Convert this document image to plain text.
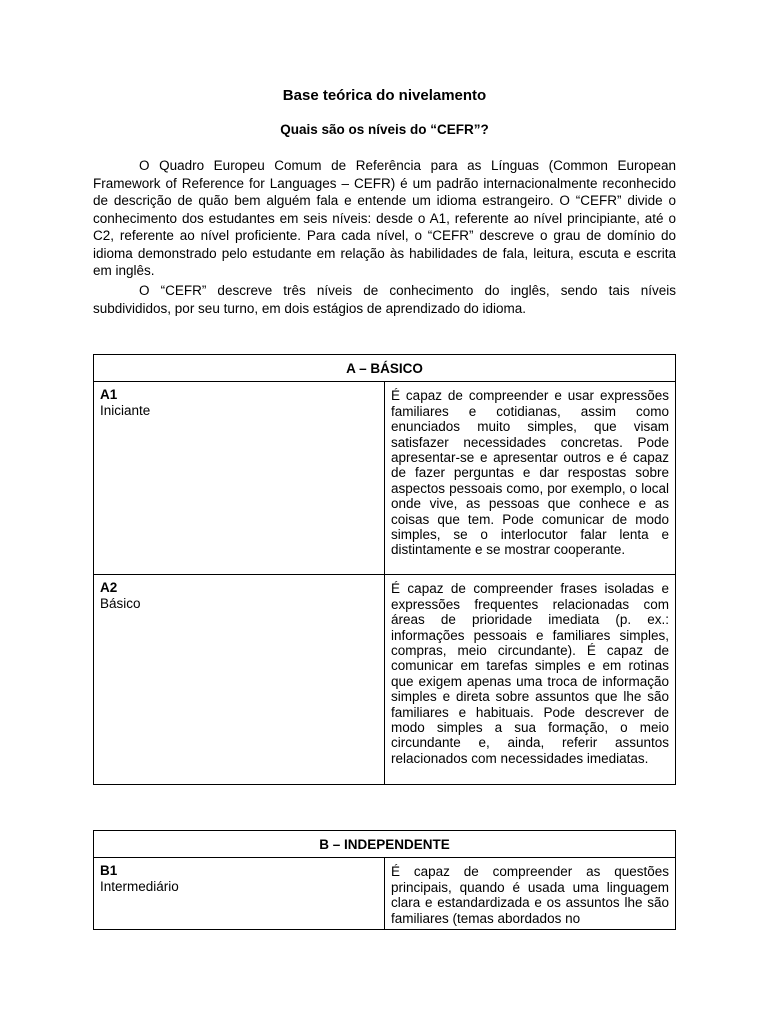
Base teórica do nivelamento
Quais são os níveis do “CEFR”?

O Quadro Europeu Comum de Referência para as Línguas (Common European Framework of Reference for Languages – CEFR) é um padrão internacionalmente reconhecido de descrição de quão bem alguém fala e entende um idioma estrangeiro. O “CEFR” divide o conhecimento dos estudantes em seis níveis: desde o A1, referente ao nível principiante, até o C2, referente ao nível proficiente. Para cada nível, o “CEFR” descreve o grau de domínio do idioma demonstrado pelo estudante em relação às habilidades de fala, leitura, escuta e escrita em inglês.

O “CEFR” descreve três níveis de conhecimento do inglês, sendo tais níveis subdivididos, por seu turno, em dois estágios de aprendizado do idioma.

A – BÁSICO	

A1
Iniciante	É capaz de compreender e usar expressões familiares e cotidianas, assim como enunciados muito simples, que visam satisfazer necessidades concretas. Pode apresentar-se e apresentar outros e é capaz de fazer perguntas e dar respostas sobre aspectos pessoais como, por exemplo, o local onde vive, as pessoas que conhece e as coisas que tem. Pode comunicar de modo simples, se o interlocutor falar lenta e distintamente e se mostrar cooperante.

A2
Básico	É capaz de compreender frases isoladas e expressões frequentes relacionadas com áreas de prioridade imediata (p. ex.: informações pessoais e familiares simples, compras, meio circundante). É capaz de comunicar em tarefas simples e em rotinas que exigem apenas uma troca de informação simples e direta sobre assuntos que lhe são familiares e habituais. Pode descrever de modo simples a sua formação, o meio circundante e, ainda, referir assuntos relacionados com necessidades imediatas.
B – INDEPENDENTE

B1
Intermediário
	É capaz de compreender as questões principais, quando é usada uma linguagem clara e estandardizada e os assuntos lhe são familiares (temas abordados no
